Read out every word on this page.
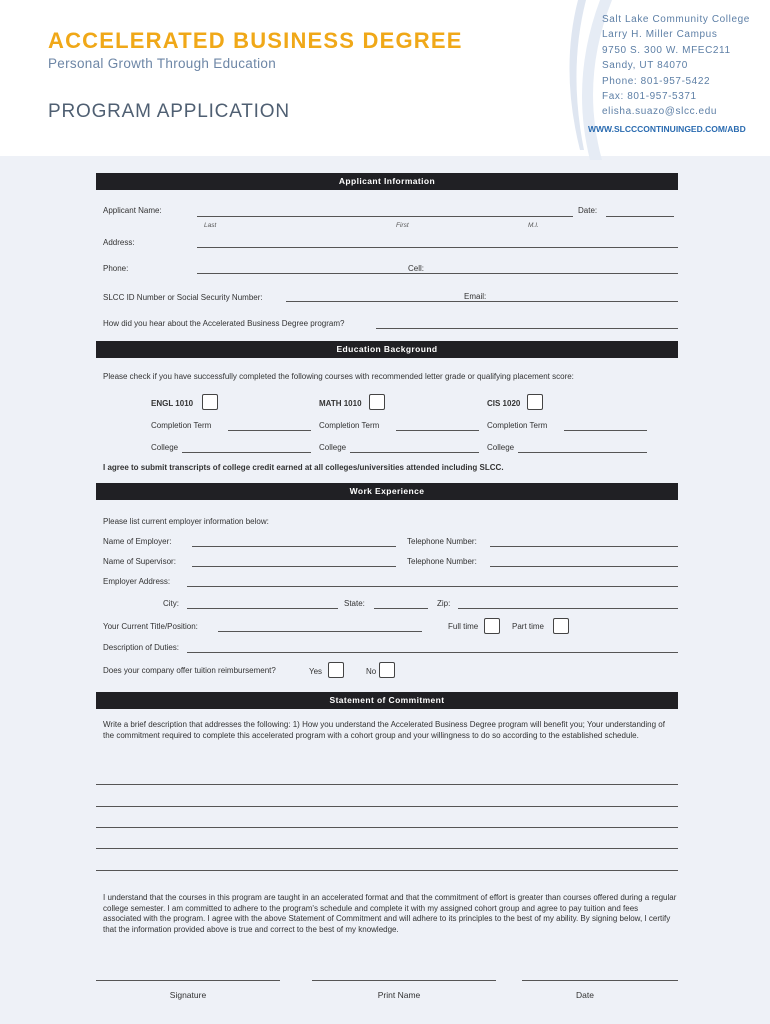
ACCELERATED BUSINESS DEGREE
Personal Growth Through Education
PROGRAM APPLICATION
Salt Lake Community College
Larry H. Miller Campus
9750 S. 300 W. MFEC211
Sandy, UT 84070
Phone: 801-957-5422
Fax: 801-957-5371
elisha.suazo@slcc.edu
WWW.SLCCCONTINUINGED.COM/ABD
Applicant Information
Applicant Name:	Date:
Last	First	M.I.
Address:
Phone:	Cell:
SLCC ID Number or Social Security Number:	Email:
How did you hear about the Accelerated Business Degree program?
Education Background
Please check if you have successfully completed the following courses with recommended letter grade or qualifying placement score:
ENGL 1010	MATH 1010	CIS 1020
Completion Term	Completion Term	Completion Term
College	College	College
I agree to submit transcripts of college credit earned at all colleges/universities attended including SLCC.
Work Experience
Please list current employer information below:
Name of Employer:	Telephone Number:
Name of Supervisor:	Telephone Number:
Employer Address:
City:	State:	Zip:
Your Current Title/Position:	Full time	Part time
Description of Duties:
Does your company offer tuition reimbursement?	Yes	No
Statement of Commitment
Write a brief description that addresses the following: 1) How you understand the Accelerated Business Degree program will benefit you; Your understanding of the commitment required to complete this accelerated program with a cohort group and your willingness to do so according to the established schedule.
I understand that the courses in this program are taught in an accelerated format and that the commitment of effort is greater than courses offered during a regular college semester. I am committed to adhere to the program's schedule and complete it with my assigned cohort group and agree to pay tuition and fees associated with the program. I agree with the above Statement of Commitment and will adhere to its principles to the best of my ability. By signing below, I certify that the information provided above is true and correct to the best of my knowledge.
Signature	Print Name	Date
